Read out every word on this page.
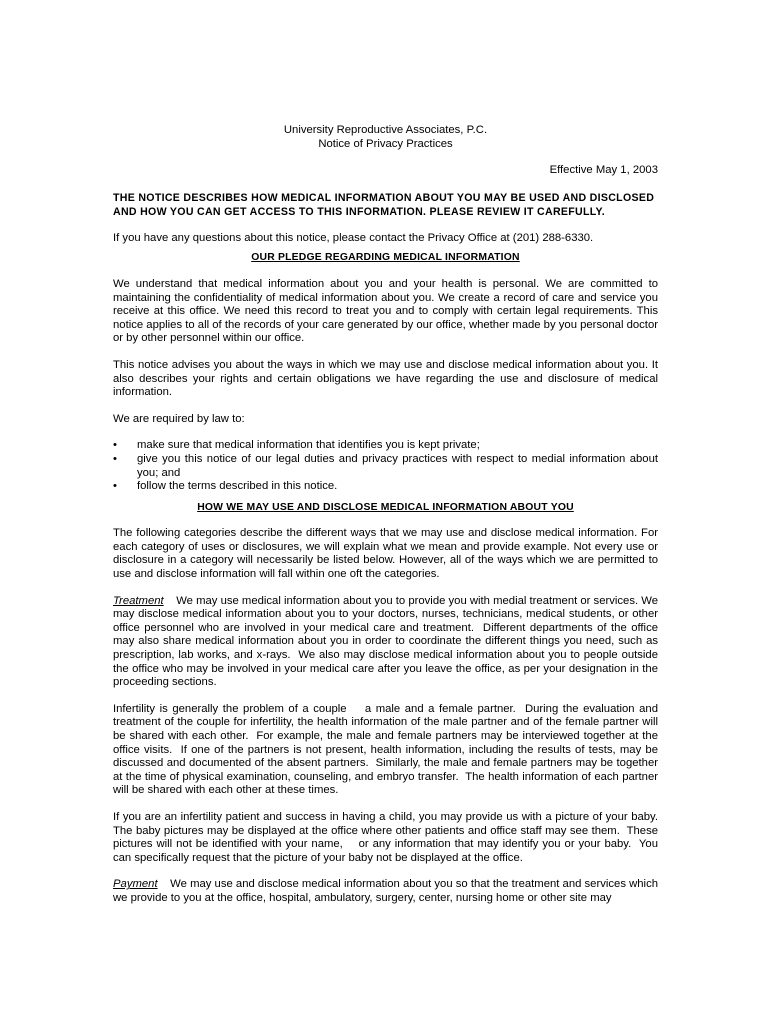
University Reproductive Associates, P.C.
Notice of Privacy Practices
Effective May 1, 2003
THE NOTICE DESCRIBES HOW MEDICAL INFORMATION ABOUT YOU MAY BE USED AND DISCLOSED AND HOW YOU CAN GET ACCESS TO THIS INFORMATION. PLEASE REVIEW IT CAREFULLY.

If you have any questions about this notice, please contact the Privacy Office at (201) 288-6330.

OUR PLEDGE REGARDING MEDICAL INFORMATION

We understand that medical information about you and your health is personal. We are committed to maintaining the confidentiality of medical information about you. We create a record of care and service you receive at this office. We need this record to treat you and to comply with certain legal requirements. This notice applies to all of the records of your care generated by our office, whether made by you personal doctor or by other personnel within our office.

This notice advises you about the ways in which we may use and disclose medical information about you. It also describes your rights and certain obligations we have regarding the use and disclosure of medical information.

We are required by law to:

• make sure that medical information that identifies you is kept private;
• give you this notice of our legal duties and privacy practices with respect to medial information about you; and
• follow the terms described in this notice.
HOW WE MAY USE AND DISCLOSE MEDICAL INFORMATION ABOUT YOU

The following categories describe the different ways that we may use and disclose medical information. For each category of uses or disclosures, we will explain what we mean and provide example. Not every use or disclosure in a category will necessarily be listed below. However, all of the ways which we are permitted to use and disclose information will fall within one oft the categories.

Treatment    We may use medical information about you to provide you with medial treatment or services. We may disclose medical information about you to your doctors, nurses, technicians, medical students, or other office personnel who are involved in your medical care and treatment.  Different departments of the office may also share medical information about you in order to coordinate the different things you need, such as prescription, lab works, and x-rays.  We also may disclose medical information about you to people outside the office who may be involved in your medical care after you leave the office, as per your designation in the proceeding sections.

Infertility is generally the problem of a couple    a male and a female partner.  During the evaluation and treatment of the couple for infertility, the health information of the male partner and of the female partner will be shared with each other.  For example, the male and female partners may be interviewed together at the office visits.  If one of the partners is not present, health information, including the results of tests, may be discussed and documented of the absent partners.  Similarly, the male and female partners may be together at the time of physical examination, counseling, and embryo transfer.  The health information of each partner will be shared with each other at these times.

If you are an infertility patient and success in having a child, you may provide us with a picture of your baby.  The baby pictures may be displayed at the office where other patients and office staff may see them.  These pictures will not be identified with your name,    or any information that may identify you or your baby.  You can specifically request that the picture of your baby not be displayed at the office.

Payment    We may use and disclose medical information about you so that the treatment and services which we provide to you at the office, hospital, ambulatory, surgery, center, nursing home or other site may
